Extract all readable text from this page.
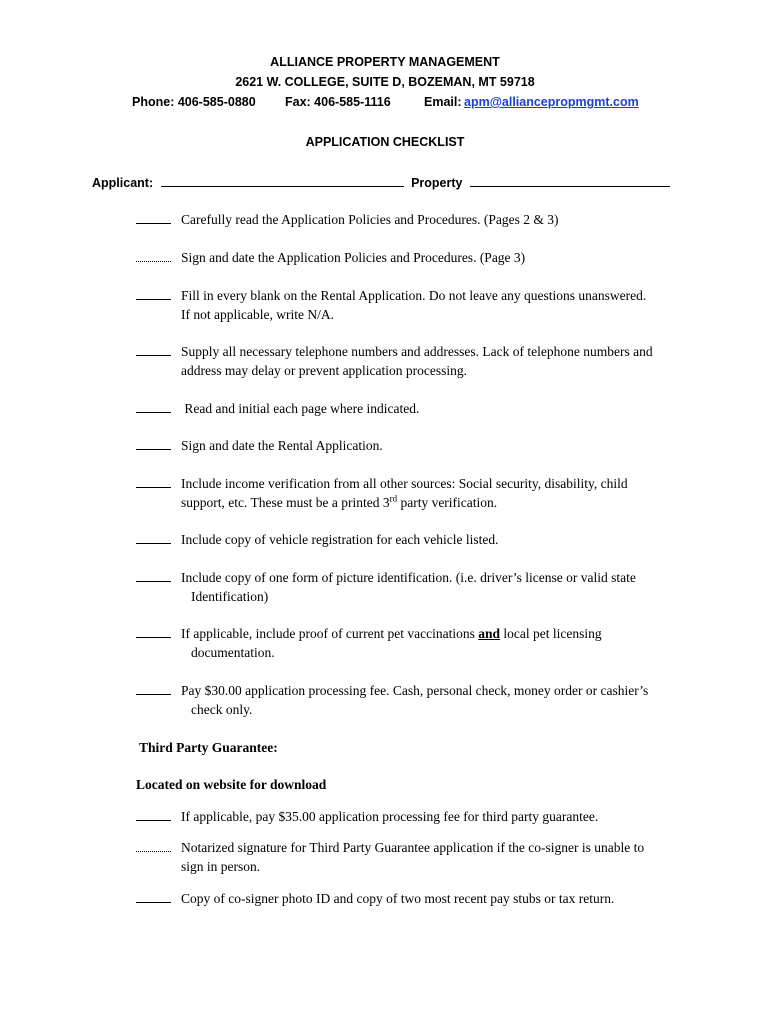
ALLIANCE PROPERTY MANAGEMENT
2621 W. COLLEGE, SUITE D, BOZEMAN, MT 59718
Phone: 406-585-0880 Fax: 406-585-1116	Email: apm@alliancepropmgmt.com
APPLICATION CHECKLIST
Applicant:	Property
Carefully read the Application Policies and Procedures. (Pages 2 & 3)
Sign and date the Application Policies and Procedures. (Page 3)
Fill in every blank on the Rental Application. Do not leave any questions unanswered.
If not applicable, write N/A.
Supply all necessary telephone numbers and addresses. Lack of telephone numbers and
address may delay or prevent application processing.
Read and initial each page where indicated.
Sign and date the Rental Application.
Include income verification from all other sources: Social security, disability, child
support, etc. These must be a printed 3rd party verification.
Include copy of vehicle registration for each vehicle listed.
Include copy of one form of picture identification. (i.e. driver’s license or valid state
Identification)
If applicable, include proof of current pet vaccinations and local pet licensing
documentation.
Pay $30.00 application processing fee. Cash, personal check, money order or cashier’s
check only.
Third Party Guarantee:
Located on website for download
If applicable, pay $35.00 application processing fee for third party guarantee.
Notarized signature for Third Party Guarantee application if the co-signer is unable to
sign in person.
Copy of co-signer photo ID and copy of two most recent pay stubs or tax return.
